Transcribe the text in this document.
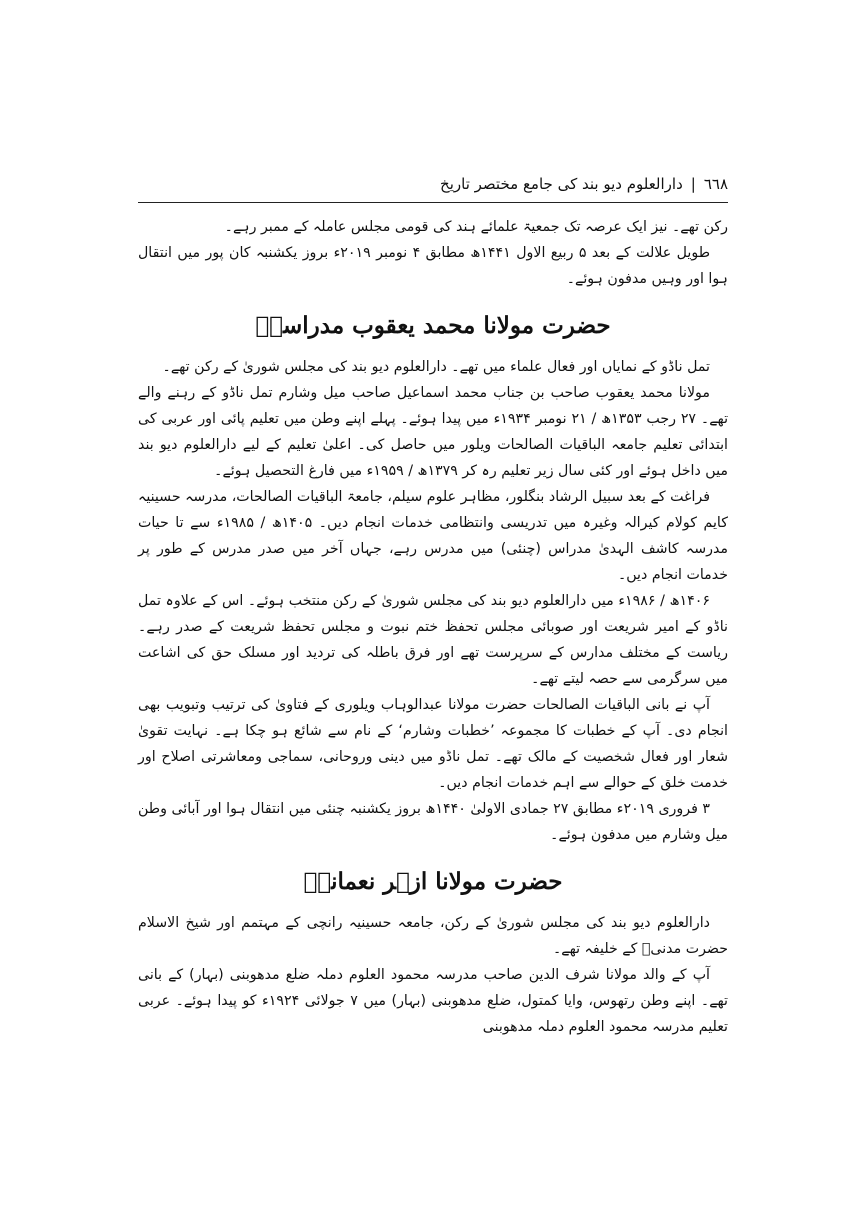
٦٦٨
|
دارالعلوم دیو بند کی جامع مختصر تاریخ

رکن تھے۔ نیز ایک عرصہ تک جمعیۃ علمائے ہند کی قومی مجلس عاملہ کے ممبر رہے۔

طویل علالت کے بعد ۵ ربیع الاول ۱۴۴۱ھ مطابق ۴ نومبر ۲۰۱۹ء بروز یکشنبہ کان پور میں انتقال ہوا اور وہیں مدفون ہوئے۔

حضرت مولانا محمد یعقوب مدراسیؒ

تمل ناڈو کے نمایاں اور فعال علماء میں تھے۔ دارالعلوم دیو بند کی مجلس شوریٰ کے رکن تھے۔

مولانا محمد یعقوب صاحب بن جناب محمد اسماعیل صاحب میل وشارم تمل ناڈو کے رہنے والے تھے۔ ۲۷ رجب ۱۳۵۳ھ / ۲۱ نومبر ۱۹۳۴ء میں پیدا ہوئے۔ پہلے اپنے وطن میں تعلیم پائی اور عربی کی ابتدائی تعلیم جامعہ الباقیات الصالحات ویلور میں حاصل کی۔ اعلیٰ تعلیم کے لیے دارالعلوم دیو بند میں داخل ہوئے اور کئی سال زیر تعلیم رہ کر ۱۳۷۹ھ / ۱۹۵۹ء میں فارغ التحصیل ہوئے۔

فراغت کے بعد سبیل الرشاد بنگلور، مظاہر علوم سیلم، جامعۃ الباقیات الصالحات، مدرسہ حسینیہ کایم کولام کیرالہ وغیرہ میں تدریسی وانتظامی خدمات انجام دیں۔ ۱۴۰۵ھ / ۱۹۸۵ء سے تا حیات مدرسہ کاشف الہدیٰ مدراس (چنئی) میں مدرس رہے، جہاں آخر میں صدر مدرس کے طور پر خدمات انجام دیں۔

۱۴۰۶ھ / ۱۹۸۶ء میں دارالعلوم دیو بند کی مجلس شوریٰ کے رکن منتخب ہوئے۔ اس کے علاوہ تمل ناڈو کے امیر شریعت اور صوبائی مجلس تحفظ ختم نبوت و مجلس تحفظ شریعت کے صدر رہے۔ ریاست کے مختلف مدارس کے سرپرست تھے اور فرق باطلہ کی تردید اور مسلک حق کی اشاعت میں سرگرمی سے حصہ لیتے تھے۔

آپ نے بانی الباقیات الصالحات حضرت مولانا عبدالوہاب ویلوری کے فتاویٰ کی ترتیب وتبویب بھی انجام دی۔ آپ کے خطبات کا مجموعہ ’خطبات وشارم‘ کے نام سے شائع ہو چکا ہے۔ نہایت تقویٰ شعار اور فعال شخصیت کے مالک تھے۔ تمل ناڈو میں دینی وروحانی، سماجی ومعاشرتی اصلاح اور خدمت خلق کے حوالے سے اہم خدمات انجام دیں۔

۳ فروری ۲۰۱۹ء مطابق ۲۷ جمادی الاولیٰ ۱۴۴۰ھ بروز یکشنبہ چنئی میں انتقال ہوا اور آبائی وطن میل وشارم میں مدفون ہوئے۔

حضرت مولانا ازہر نعمانیؒ

دارالعلوم دیو بند کی مجلس شوریٰ کے رکن، جامعہ حسینیہ رانچی کے مہتمم اور شیخ الاسلام حضرت مدنیؒ کے خلیفہ تھے۔

آپ کے والد مولانا شرف الدین صاحب مدرسہ محمود العلوم دملہ ضلع مدھوبنی (بہار) کے بانی تھے۔ اپنے وطن رتھوس، وایا کمتول، ضلع مدھوبنی (بہار) میں ۷ جولائی ۱۹۲۴ء کو پیدا ہوئے۔ عربی تعلیم مدرسہ محمود العلوم دملہ مدھوبنی
